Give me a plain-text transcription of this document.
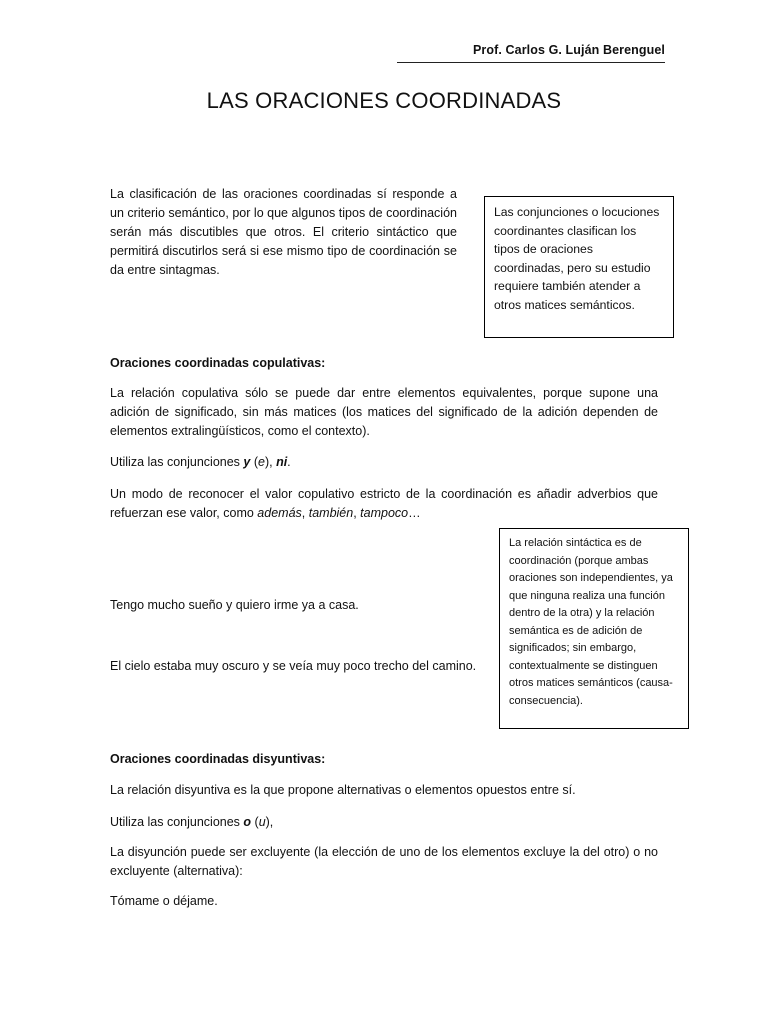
Prof. Carlos G. Luján Berenguel
LAS ORACIONES COORDINADAS
La clasificación de las oraciones coordinadas sí responde a un criterio semántico, por lo que algunos tipos de coordinación serán más discutibles que otros. El criterio sintáctico que permitirá discutirlos será si ese mismo tipo de coordinación se da entre sintagmas.
Las conjunciones o locuciones coordinantes clasifican los tipos de oraciones coordinadas, pero su estudio requiere también atender a otros matices semánticos.
Oraciones coordinadas copulativas:
La relación copulativa sólo se puede dar entre elementos equivalentes, porque supone una adición de significado, sin más matices (los matices del significado de la adición dependen de elementos extralingüísticos, como el contexto).
Utiliza las conjunciones y (e), ni.
Un modo de reconocer el valor copulativo estricto de la coordinación es añadir adverbios que refuerzan ese valor, como además, también, tampoco…
Tengo mucho sueño y quiero irme ya a casa.
El cielo estaba muy oscuro y se veía muy poco trecho del camino.
La relación sintáctica es de coordinación (porque ambas oraciones son independientes, ya que ninguna realiza una función dentro de la otra) y la relación semántica es de adición de significados; sin embargo, contextualmente se distinguen otros matices semánticos (causa-consecuencia).
Oraciones coordinadas disyuntivas:
La relación disyuntiva es la que propone alternativas o elementos opuestos entre sí.
Utiliza las conjunciones o (u),
La disyunción puede ser excluyente (la elección de uno de los elementos excluye la del otro) o no excluyente (alternativa):
Tómame o déjame.
